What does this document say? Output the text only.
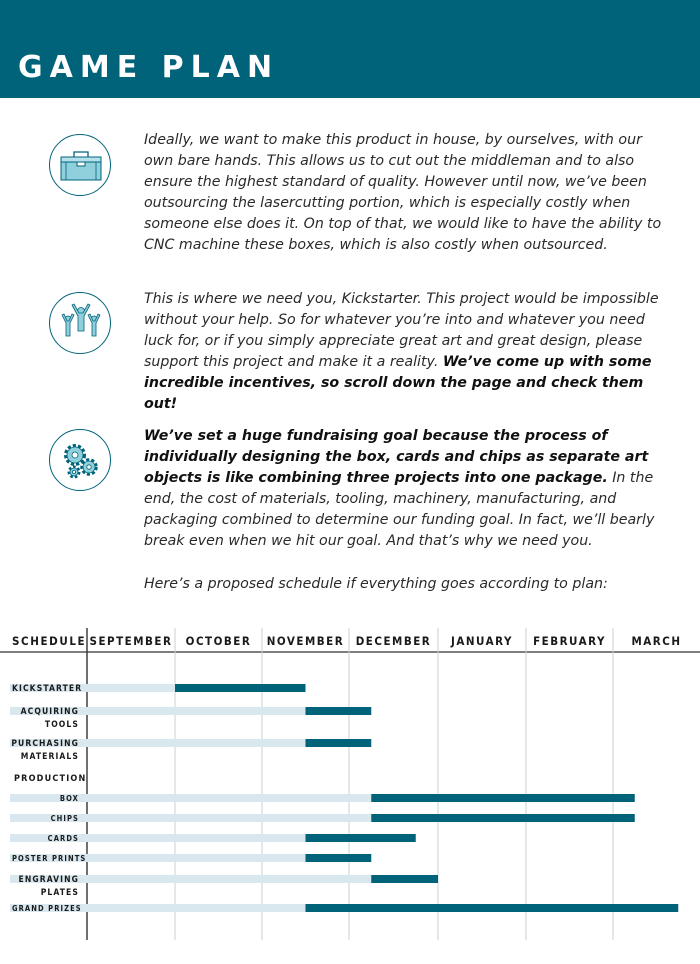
GAME PLAN

Ideally, we want to make this product in house, by ourselves, with our own bare hands. This allows us to cut out the middleman and to also ensure the highest standard of quality. However until now, we’ve been outsourcing the lasercutting portion, which is especially costly when someone else does it. On top of that, we would like to have the ability to CNC machine these boxes, which is also costly when outsourced.

This is where we need you, Kickstarter. This project would be impossible without your help. So for whatever you’re into and whatever you need luck for, or if you simply appreciate great art and great design, please support this project and make it a reality. We’ve come up with some incredible incentives, so scroll down the page and check them out!

We’ve set a huge fundraising goal because the process of individually designing the box, cards and chips as separate art objects is like combining three projects into one package. In the end, the cost of materials, tooling, machinery, manufacturing, and packaging combined to determine our funding goal. In fact, we’ll bearly break even when we hit our goal. And that’s why we need you.

Here’s a proposed schedule if everything goes according to plan:

SCHEDULE SEPTEMBER OCTOBER NOVEMBER DECEMBER JANUARY FEBRUARY MARCH
KICKSTARTER
ACQUIRING
TOOLS
PURCHASING
MATERIALS
PRODUCTION
BOX
CHIPS
CARDS
POSTER PRINTS
ENGRAVING
PLATES
GRAND PRIZES
